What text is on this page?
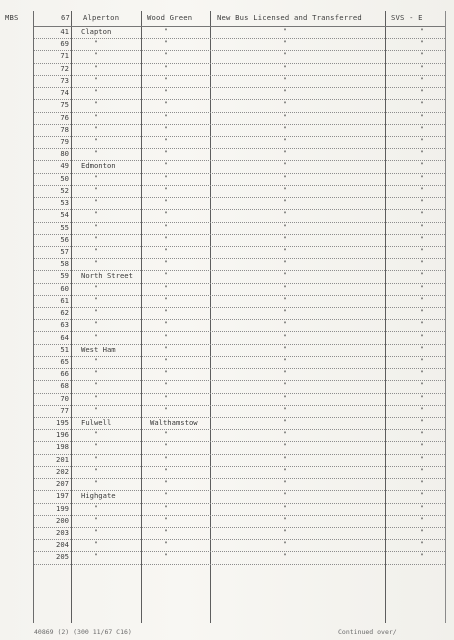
MBS	67 Alperton	Wood Green	New Bus Licensed and Transferred	SVS - E
41 Clapton	"	"	"
69	"	"	"	"
71	"	"	"	"
72	"	"	"	"
73	"	"	"	"
74	"	"	"	"
75	"	"	"	"
76	"	"	"	"
78	"	"	"	"
79	"	"	"	"
80	"	"	"	"
49 Edmonton	"	"	"
50	"	"	"	"
52	"	"	"	"
53	"	"	"	"
54	"	"	"	"
55	"	"	"	"
56	"	"	"	"
57	"	"	"	"
58	"	"	"	"
59 North Street	"	"	"
60	"	"	"	"
61	"	"	"	"
62	"	"	"	"
63	"	"	"	"
64	"	"	"	"
51 West Ham	"	"	"
65	"	"	"	"
66	"	"	"	"
68	"	"	"	"
70	"	"	"	"
77	"	"	"	"
195 Fulwell	Walthamstow	"	"
196	"	"	"	"
198	"	"	"	"
201	"	"	"	"
202	"	"	"	"
207	"	"	"	"
197 Highgate	"	"	"
199	"	"	"	"
200	"	"	"	"
203	"	"	"	"
204	"	"	"	"
205	"	"	"	"
40869 (2) (300 11/67 C16)	Continued over/
